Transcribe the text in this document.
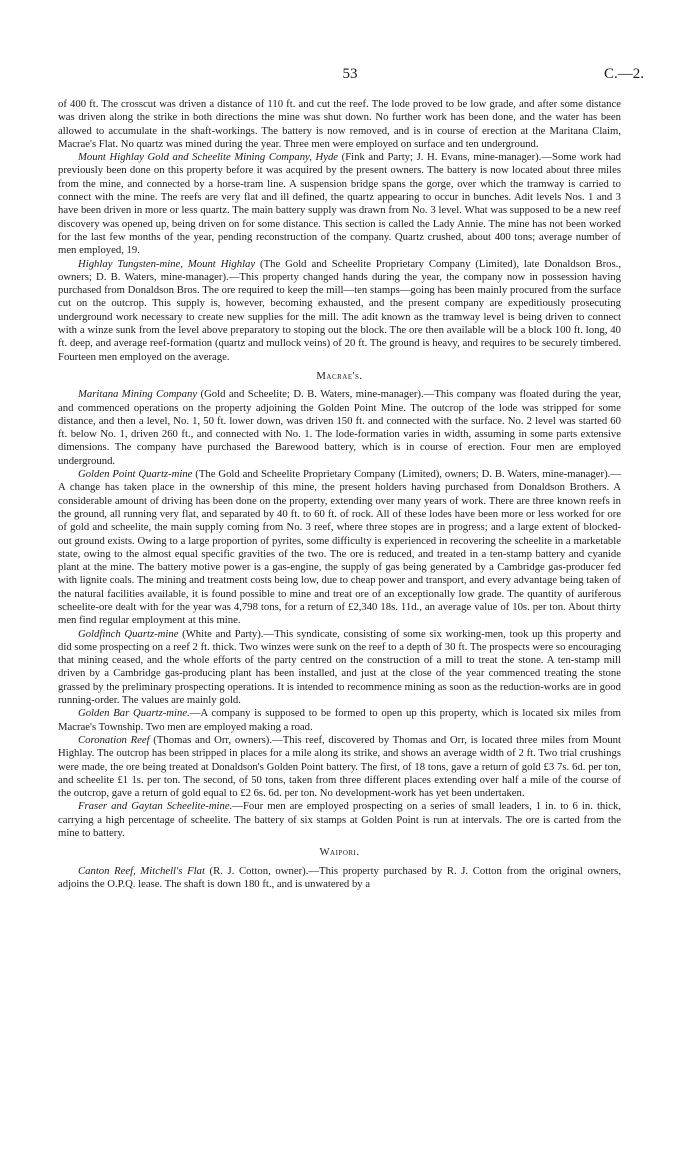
53	C.—2.

of 400 ft. The crosscut was driven a distance of 110 ft. and cut the reef. The lode proved to be low grade, and after some distance was driven along the strike in both directions the mine was shut down. No further work has been done, and the water has been allowed to accumulate in the shaft-workings. The battery is now removed, and is in course of erection at the Maritana Claim, Macrae's Flat. No quartz was mined during the year. Three men were employed on surface and ten underground.

Mount Highlay Gold and Scheelite Mining Company, Hyde (Fink and Party; J. H. Evans, mine-manager).—Some work had previously been done on this property before it was acquired by the present owners. The battery is now located about three miles from the mine, and connected by a horse-tram line. A suspension bridge spans the gorge, over which the tramway is carried to connect with the mine. The reefs are very flat and ill defined, the quartz appearing to occur in bunches. Adit levels Nos. 1 and 3 have been driven in more or less quartz. The main battery supply was drawn from No. 3 level. What was supposed to be a new reef discovery was opened up, being driven on for some distance. This section is called the Lady Annie. The mine has not been worked for the last few months of the year, pending reconstruction of the company. Quartz crushed, about 400 tons; average number of men employed, 19.

Highlay Tungsten-mine, Mount Highlay (The Gold and Scheelite Proprietary Company (Limited), late Donaldson Bros., owners; D. B. Waters, mine-manager).—This property changed hands during the year, the company now in possession having purchased from Donaldson Bros. The ore required to keep the mill—ten stamps—going has been mainly procured from the surface cut on the outcrop. This supply is, however, becoming exhausted, and the present company are expeditiously prosecuting underground work necessary to create new supplies for the mill. The adit known as the tramway level is being driven to connect with a winze sunk from the level above preparatory to stoping out the block. The ore then available will be a block 100 ft. long, 40 ft. deep, and average reef-formation (quartz and mullock veins) of 20 ft. The ground is heavy, and requires to be securely timbered. Fourteen men employed on the average.

Macrae's.

Maritana Mining Company (Gold and Scheelite; D. B. Waters, mine-manager).—This company was floated during the year, and commenced operations on the property adjoining the Golden Point Mine. The outcrop of the lode was stripped for some distance, and then a level, No. 1, 50 ft. lower down, was driven 150 ft. and connected with the surface. No. 2 level was started 60 ft. below No. 1, driven 260 ft., and connected with No. 1. The lode-formation varies in width, assuming in some parts extensive dimensions. The company have purchased the Barewood battery, which is in course of erection. Four men are employed underground.

Golden Point Quartz-mine (The Gold and Scheelite Proprietary Company (Limited), owners; D. B. Waters, mine-manager).—A change has taken place in the ownership of this mine, the present holders having purchased from Donaldson Brothers. A considerable amount of driving has been done on the property, extending over many years of work. There are three known reefs in the ground, all running very flat, and separated by 40 ft. to 60 ft. of rock. All of these lodes have been more or less worked for ore of gold and scheelite, the main supply coming from No. 3 reef, where three stopes are in progress; and a large extent of blocked-out ground exists. Owing to a large proportion of pyrites, some difficulty is experienced in recovering the scheelite in a marketable state, owing to the almost equal specific gravities of the two. The ore is reduced, and treated in a ten-stamp battery and cyanide plant at the mine. The battery motive power is a gas-engine, the supply of gas being generated by a Cambridge gas-producer fed with lignite coals. The mining and treatment costs being low, due to cheap power and transport, and every advantage being taken of the natural facilities available, it is found possible to mine and treat ore of an exceptionally low grade. The quantity of auriferous scheelite-ore dealt with for the year was 4,798 tons, for a return of £2,340 18s. 11d., an average value of 10s. per ton. About thirty men find regular employment at this mine.

Goldfinch Quartz-mine (White and Party).—This syndicate, consisting of some six working-men, took up this property and did some prospecting on a reef 2 ft. thick. Two winzes were sunk on the reef to a depth of 30 ft. The prospects were so encouraging that mining ceased, and the whole efforts of the party centred on the construction of a mill to treat the stone. A ten-stamp mill driven by a Cambridge gas-producing plant has been installed, and just at the close of the year commenced treating the stone grassed by the preliminary prospecting operations. It is intended to recommence mining as soon as the reduction-works are in good running-order. The values are mainly gold.

Golden Bar Quartz-mine.—A company is supposed to be formed to open up this property, which is located six miles from Macrae's Township. Two men are employed making a road.

Coronation Reef (Thomas and Orr, owners).—This reef, discovered by Thomas and Orr, is located three miles from Mount Highlay. The outcrop has been stripped in places for a mile along its strike, and shows an average width of 2 ft. Two trial crushings were made, the ore being treated at Donaldson's Golden Point battery. The first, of 18 tons, gave a return of gold £3 7s. 6d. per ton, and scheelite £1 1s. per ton. The second, of 50 tons, taken from three different places extending over half a mile of the course of the outcrop, gave a return of gold equal to £2 6s. 6d. per ton. No development-work has yet been undertaken.

Fraser and Gaytan Scheelite-mine.—Four men are employed prospecting on a series of small leaders, 1 in. to 6 in. thick, carrying a high percentage of scheelite. The battery of six stamps at Golden Point is run at intervals. The ore is carted from the mine to battery.

Waipori.

Canton Reef, Mitchell's Flat (R. J. Cotton, owner).—This property purchased by R. J. Cotton from the original owners, adjoins the O.P.Q. lease. The shaft is down 180 ft., and is unwatered by a
